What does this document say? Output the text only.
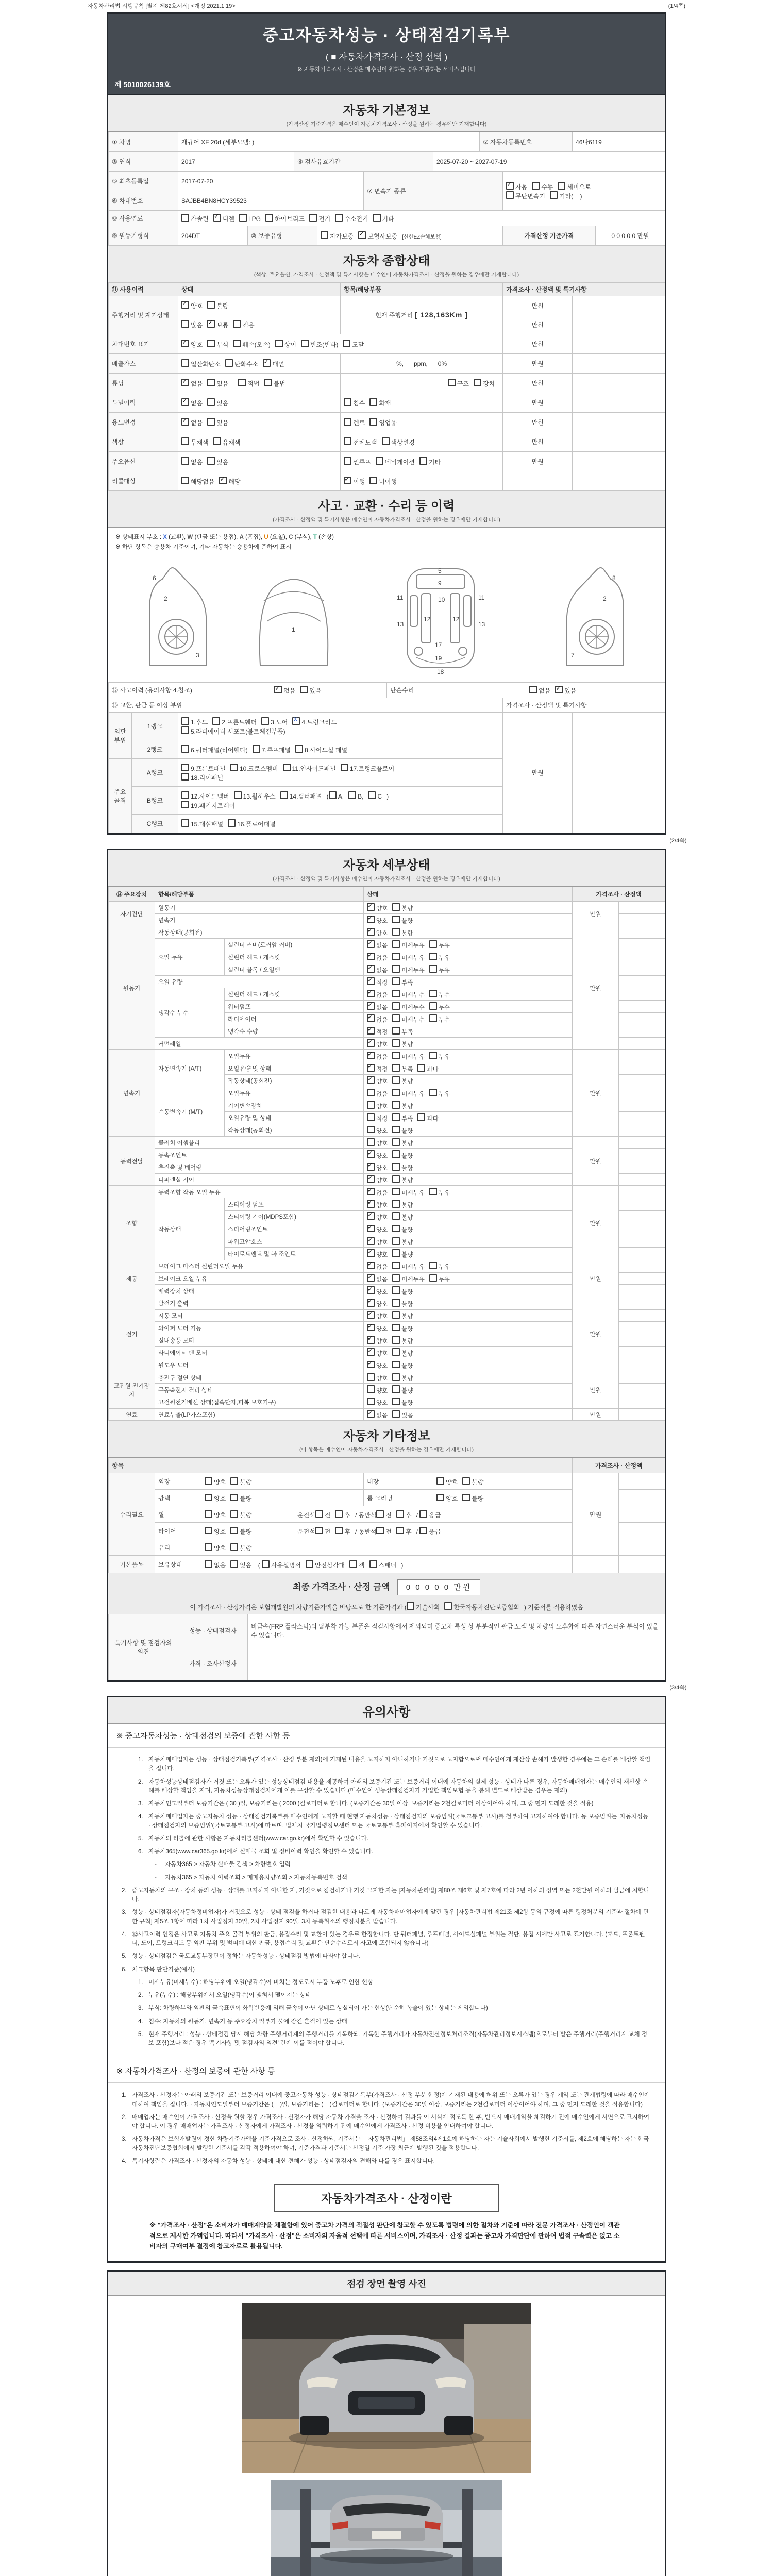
자동차관리법 시행규칙 [별지 제82호서식] <개정 2021.1.19>	(1/4쪽)
중고자동차성능 · 상태점검기록부
( ■ 자동차가격조사 · 산정 선택 )
※ 자동차가격조사 · 산정은 매수인이 원하는 경우 제공하는 서비스입니다
제 5010026139호
자동차 기본정보
(가격산정 기준가격은 매수인이 자동차가격조사 · 산정을 원하는 경우에만 기재합니다)
① 차명	재규어 XF 20d (세부모델: )						② 자동차등록번호		46나6119	
③ 연식	2017		④ 검사유효기간			2025-07-20 ~ 2027-07-19				
⑤ 최초등록일	2017-07-20				⑦ 변속기 종류	✓자동 수동 세미오토
무단변속기 기타(    )
⑥ 차대번호	SAJBB4BN8HCY39523									
⑧ 사용연료	가솔린 ✓ 디젤 LPG 하이브리드 전기 수소전기 기타
⑨ 원동기형식	204DT	⑩ 보증유형		자가보증 ✓ 보험사보증 [신한EZ손해보험]				가격산정 기준가격		0 0 0 0 0 만원
자동차 종합상태
(색상, 주요옵션, 가격조사 · 산정액 및 특기사항은 매수인이 자동차가격조사 · 산정을 원하는 경우에만 기재합니다)
⑪ 사용이력	상태	항목/해당부품	가격조사 · 산정액 및 특기사항	
주행거리 및 계기상태	✓양호 불량	현재 주행거리 [ 128,163Km ]	만원	
	많음 ✓ 보통 적음		만원	
차대번호 표기	✓양호 부식 훼손(오손) 상이 변조(변타) 도말		만원	
배출가스	일산화탄소 탄화수소 ✓ 매연	%,      ppm,      0%	만원	
튜닝	✓없음 있음 적법 불법	구조 장치	만원	
특별이력	✓없음 있음	침수 화재	만원	
용도변경	✓없음 있음	렌트 영업용	만원	
색상	무채색 유채색	전체도색 색상변경	만원	
주요옵션	없음 있음	썬루프 네비게이션 기타	만원	
리콜대상	해당없음 ✓ 해당	✓이행 미이행		
사고 · 교환 · 수리 등 이력
(가격조사 · 산정액 및 특기사항은 매수인이 자동차가격조사 · 산정을 원하는 경우에만 기재합니다)
※ 상태표시 부호 : X (교환), W (판금 또는 용접), A (흠집), U (요철), C (부식), T (손상)
※ 하단 항목은 승용차 기준이며, 기타 자동차는 승용차에 준하여 표시
2
3
6
1
5
9
10
11	11
13	13
12	12
17
19
18
2
7
8
⑫ 사고이력 (유의사항 4.참조)	✓없음 있음	단순수리		없음 ✓ 있음
⑬ 교환, 판금 등 이상 부위					가격조사 · 산정액 및 특기사항		
외판 부위	1랭크	1.후드 2.프론트휀더 3.도어 X 4.트렁크리드
5.라디에이터 서포트(볼트체결부품)			만원		
	2랭크	6.쿼터패널(리어휀다) 7.루프패널 8.사이드실 패널					
주요 골격	A랭크	9.프론트패널 10.크로스멤버 11.인사이드패널 17.트렁크플로어
18.리어패널					
	B랭크	12.사이드멤버 13.휠하우스 14.필러패널 ( A, B, C )
19.패키지트레이					
	C랭크	15.대쉬패널 16.플로어패널					
(2/4쪽)
자동차 세부상태
(가격조사 · 산정액 및 특기사항은 매수인이 자동차가격조사 · 산정을 원하는 경우에만 기재합니다)
⑭ 주요장치	항목/해당부품		상태	가격조사 · 산정액	
자기진단	원동기	✓양호 불량	만원	
	변속기	✓양호 불량	
원동기	작동상태(공회전)	✓양호 불량	만원	
	오일 누유	실린더 커버(로커암 커버)	✓없음 미세누유 누유	
		실린더 헤드 / 개스킷	✓없음 미세누유 누유	
		실린더 블록 / 오일팬	✓없음 미세누유 누유	
	오일 유량	✓적정 부족	
	냉각수 누수	실린더 헤드 / 개스킷	✓없음 미세누수 누수	
		워터펌프	✓없음 미세누수 누수	
		라디에이터	✓없음 미세누수 누수	
		냉각수 수량	✓적정 부족	
	커먼레일	✓양호 불량	
변속기	자동변속기 (A/T)	오일누유	✓없음 미세누유 누유	만원	
		오일유량 및 상태	✓적정 부족 과다	
		작동상태(공회전)	✓양호 불량	
	수동변속기 (M/T)	오일누유	없음 미세누유 누유		
		기어변속장치	양호 불량		
		오일유량 및 상태	적정 부족 과다		
		작동상태(공회전)	양호 불량		
동력전달	클러치 어셈블리		양호 불량	만원	
	등속조인트	✓양호 불량	
	추진축 및 베어링	✓양호 불량	
	디퍼렌셜 기어	✓양호 불량	
조향	동력조향 작동 오일 누유	✓없음 미세누유 누유	만원	
	작동상태	스티어링 펌프	✓양호 불량	
		스티어링 기어(MDPS포함)	✓양호 불량	
		스티어링조인트	✓양호 불량	
		파워고압호스	✓양호 불량	
		타이로드엔드 및 볼 조인트	✓양호 불량	
제동	브레이크 마스터 실린더오일 누유	✓없음 미세누유 누유	만원	
	브레이크 오일 누유	✓없음 미세누유 누유	
	배력장치 상태	✓양호 불량	
전기	발전기 출력	✓양호 불량	만원	
	시동 모터	✓양호 불량	
	와이퍼 모터 기능	✓양호 불량	
	실내송풍 모터	✓양호 불량	
	라디에이터 팬 모터	✓양호 불량	
	윈도우 모터	✓양호 불량	
고전원 전기장치	충전구 절연 상태		양호 불량	만원	
	구동축전지 격리 상태		양호 불량		
	고전원전기배선 상태(접속단자,피복,보호기구)		양호 불량		
연료	연료누출(LP가스포함)	✓없음 있음	만원	
자동차 기타정보
(이 항목은 매수인이 자동차가격조사 · 산정을 원하는 경우에만 기재합니다)
항목						가격조사 · 산정액	
수리필요	외장	양호 불량		내장	양호 불량	만원	
	광택	양호 불량		룸 크리닝	양호 불량		
	휠	양호 불량	운전석 전 후 / 동반석 전 후 / 응급				
	타이어	양호 불량	운전석 전 후 / 동반석 전 후 / 응급				
	유리	양호 불량					
기본품목	보유상태	없음 있음 ( 사용설명서 안전삼각대 잭 스패너 )					
최종 가격조사 · 산정 금액 0 0 0 0 0 만원
이 가격조사 · 산정가격은 보험개발원의 차량기준가액을 바탕으로 한 기준가격과 ( 기술사회 한국자동차진단보증협회 ) 기준서를 적용하였음
특기사항 및 점검자의 의견	성능 · 상태점검자	비금속(FRP 플라스틱)의 탈부착 가능 부품은 점검사항에서 제외되며 중고차 특성 상 부분적인 판금,도색 및 차량의 노후화에 따른 자연스러운 부식이 있을 수 있습니다.
	가격 · 조사산정자	
(3/4쪽)
유의사항
※ 중고자동차성능 · 상태점검의 보증에 관한 사항 등
1. 자동차매매업자는 성능 · 상태점검기록부(가격조사 · 산정 부분 제외)에 기재된 내용을 고지하지 아니하거나 거짓으로 고지함으로써 매수인에게 재산상 손해가 발생한 경우에는 그 손해를 배상할 책임을 집니다.
2. 자동차성능상태점검자가 거짓 또는 오류가 있는 성능상태점검 내용을 제공하여 아래의 보증기간 또는 보증거리 이내에 자동차의 실제 성능 · 상태가 다른 경우, 자동차매매업자는 매수인의 재산상 손해를 배상할 책임을 지며, 자동차성능상태점검자에게 이를 구상할 수 있습니다.(매수인이 성능상태점검자가 가입한 책임보험 등을 통해 별도로 배상받는 경우는 제외)
3. 자동차인도일부터 보증기간은 ( 30 )일, 보증거리는 ( 2000 )킬로미터로 합니다. (보증기간은 30일 이상, 보증거리는 2천킬로미터 이상이어야 하며, 그 중 먼저 도래한 것을 적용)
4. 자동차매매업자는 중고자동차 성능 · 상태점검기록부를 매수인에게 고지할 때 현행 자동차성능 · 상태점검자의 보증범위(국토교통부 고시)를 첨부하여 고지하여야 합니다. 동 보증범위는 '자동차성능 · 상태점검자의 보증범위'(국토교통부 고시)에 따르며, 법제처 국가법령정보센터 또는 국토교통부 홈페이지에서 확인할 수 있습니다.
5. 자동차의 리콜에 관한 사항은 자동차리콜센터(www.car.go.kr)에서 확인할 수 있습니다.
6. 자동차365(www.car365.go.kr)에서 실매물 조회 및 정비이력 확인을 확인할 수 있습니다.
-	자동차365 > 자동차 실매물 검색 > 차량번호 입력
-	자동차365 > 자동차 이력조회 > 매매용차량조회 > 자동차등록번호 검색
2. 중고자동차의 구조 · 장치 등의 성능 · 상태를 고지하지 아니한 자, 거짓으로 점검하거나 거짓 고지한 자는 [자동차관리법] 제80조 제6호 및 제7호에 따라 2년 이하의 징역 또는 2천만원 이하의 벌금에 처합니다.
3. 성능 · 상태점검자(자동차정비업자)가 거짓으로 성능 · 상태 점검을 하거나 점검한 내용과 다르게 자동차매매업자에게 알린 경우 [자동차관리법 제21조 제2항 등의 규정에 따른 행정처분의 기준과 절차에 관한 규칙] 제5조 1항에 따라 1차 사업정지 30일, 2차 사업정지 90일, 3차 등록취소의 행정처분을 받습니다.
4. ⑫사고이력 인정은 사고로 자동차 주요 골격 부위의 판금, 용접수리 및 교환이 있는 경우로 한정합니다. 단 쿼터패널, 루프패널, 사이드실패널 부위는 절단, 용접 시에만 사고로 표기합니다. (후드, 프론트펜더, 도어, 트렁크리드 등 외판 부위 및 범퍼에 대한 판금, 용접수리 및 교환은 단순수리로서 사고에 포함되지 않습니다)
5. 성능 · 상태점검은 국토교통부장관이 정하는 자동차성능 · 상태점검 방법에 따라야 합니다.
6. 체크항목 판단기준(예시)
1. 미세누유(미세누수) : 해당부위에 오일(냉각수)이 비치는 정도로서 부품 노후로 인한 현상
2. 누유(누수) : 해당부위에서 오일(냉각수)이 맺혀서 떨어지는 상태
3. 부식: 차량하부와 외판의 금속표면이 화학반응에 의해 금속이 아닌 상태로 상실되어 가는 현상(단순히 녹슬어 있는 상태는 제외합니다)
4. 침수: 자동차의 원동기, 변속기 등 주요장치 일부가 물에 잠긴 흔적이 있는 상태
5. 현재 주행거리 : 성능 · 상태점검 당시 해당 차량 주행거리계의 주행거리를 기록하되, 기록한 주행거리가 자동차전산정보처리조직(자동차관리정보시스템)으로부터 받은 주행거리(주행거리계 교체 정보 포함)보다 적은 경우 '특기사항 및 점검자의 의견' 란에 이를 적어야 합니다.
※ 자동차가격조사 · 산정의 보증에 관한 사항 등
1. 가격조사 · 산정자는 아래의 보증기간 또는 보증거리 이내에 중고자동차 성능 · 상태점검기록부(가격조사 · 산정 부분 한정)에 기재된 내용에 허위 또는 오류가 있는 경우 계약 또는 관계법령에 따라 매수인에 대하여 책임을 집니다. · 자동차인도일부터 보증기간은 (    )일, 보증거리는 (    )킬로미터로 합니다. (보증기간은 30일 이상, 보증거리는 2천킬로미터 이상이어야 하며, 그 중 먼저 도래한 것을 적용합니다)
2. 매매업자는 매수인이 가격조사 · 산정을 원할 경우 가격조사 · 산정자가 해당 자동차 가격을 조사 · 산정하여 결과를 이 서식에 적도록 한 후, 반드시 매매계약을 체결하기 전에 매수인에게 서면으로 고지하여야 합니다. 이 경우 매매업자는 가격조사 · 산정자에게 가격조사 · 산정을 의뢰하기 전에 매수인에게 가격조사 · 산정 비용을 안내하여야 합니다.
3. 자동차가격은 보험개발원이 정한 차량기준가액을 기준가격으로 조사 · 산정하되, 기준서는 「자동차관리법」 제58조의4제1호에 해당하는 자는 기술사회에서 발행한 기준서를, 제2호에 해당하는 자는 한국자동차진단보증협회에서 발행한 기준서를 각각 적용하여야 하며, 기준가격과 기준서는 산정일 기준 가장 최근에 발행된 것을 적용합니다.
4. 특기사항란은 가격조사 · 산정자의 자동차 성능 · 상태에 대한 견해가 성능 · 상태점검자의 견해와 다를 경우 표시합니다.
자동차가격조사 · 산정이란
※ "가격조사 · 산정"은 소비자가 매매계약을 체결함에 있어 중고차 가격의 적절성 판단에 참고할 수 있도록 법령에 의한 절차와 기준에 따라 전문 가격조사 · 산정인이 객관적으로 제시한 가액입니다. 따라서 "가격조사 · 산정"은 소비자의 자율적 선택에 따른 서비스이며, 가격조사 · 산정 결과는 중고차 가격판단에 관하여 법적 구속력은 없고 소비자의 구매여부 결정에 참고자료로 활용됩니다.
점검 장면 촬영 사진
